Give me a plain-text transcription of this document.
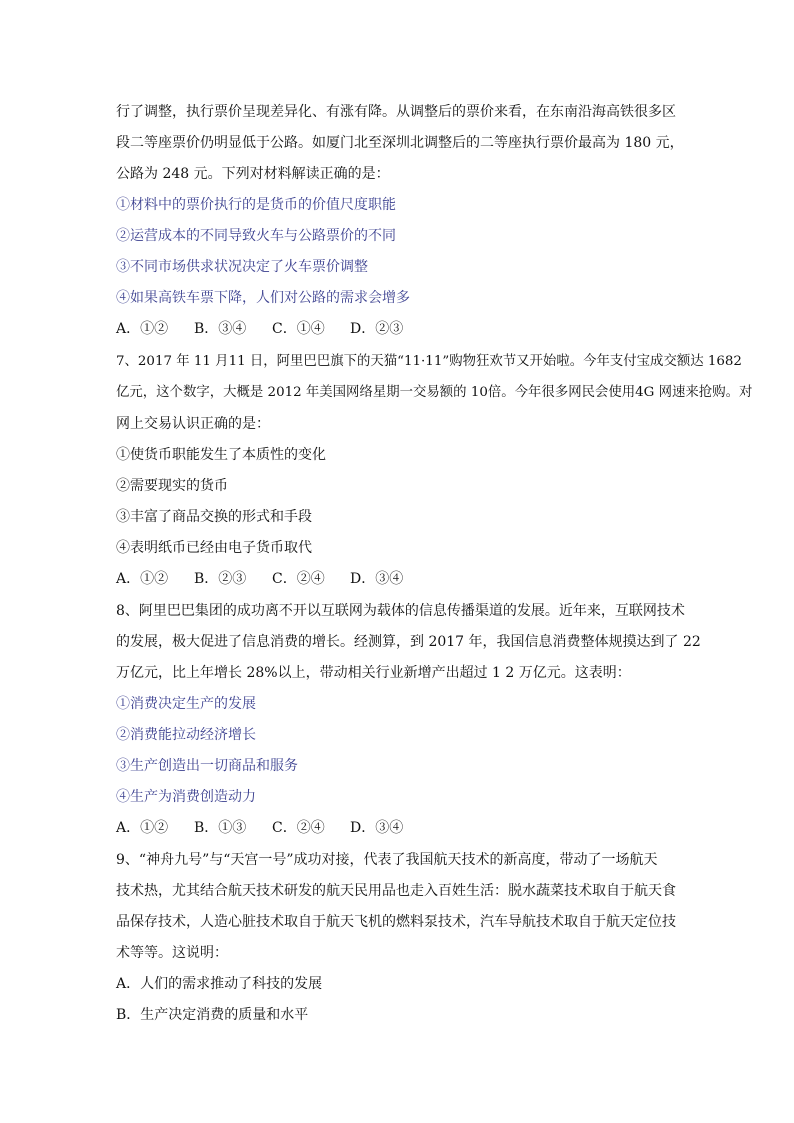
行了调整，执行票价呈现差异化、有涨有降。从调整后的票价来看，在东南沿海高铁很多区
段二等座票价仍明显低于公路。如厦门北至深圳北调整后的二等座执行票价最高为 180 元，
公路为 248 元。下列对材料解读正确的是：
①材料中的票价执行的是货币的价值尺度职能
②运营成本的不同导致火车与公路票价的不同
③不同市场供求状况决定了火车票价调整
④如果高铁车票下降，人们对公路的需求会增多
A．①② B．③④ C．①④ D．②③
7、2017 年 11 月11 日，阿里巴巴旗下的天猫“11·11”购物狂欢节又开始啦。今年支付宝成交额达 1682
亿元，这个数字，大概是 2012 年美国网络星期一交易额的 10倍。今年很多网民会使用4G 网速来抢购。对
网上交易认识正确的是：
①使货币职能发生了本质性的变化
②需要现实的货币
③丰富了商品交换的形式和手段
④表明纸币已经由电子货币取代
A．①② B．②③ C．②④ D．③④
8、阿里巴巴集团的成功离不开以互联网为载体的信息传播渠道的发展。近年来，互联网技术
的发展，极大促进了信息消费的增长。经测算，到 2017 年，我国信息消费整体规摸达到了 22
万亿元，比上年增长 28%以上，带动相关行业新增产出超过 1 2 万亿元。这表明：
①消费决定生产的发展
②消费能拉动经济增长
③生产创造出一切商品和服务
④生产为消费创造动力
A．①② B．①③ C．②④ D．③④
9、“神舟九号”与“天宫一号”成功对接，代表了我国航天技术的新高度，带动了一场航天
技术热，尤其结合航天技术研发的航天民用品也走入百姓生活：脱水蔬菜技术取自于航天食
品保存技术，人造心脏技术取自于航天飞机的燃料泵技术，汽车导航技术取自于航天定位技
术等等。这说明：
A．人们的需求推动了科技的发展
B．生产决定消费的质量和水平
